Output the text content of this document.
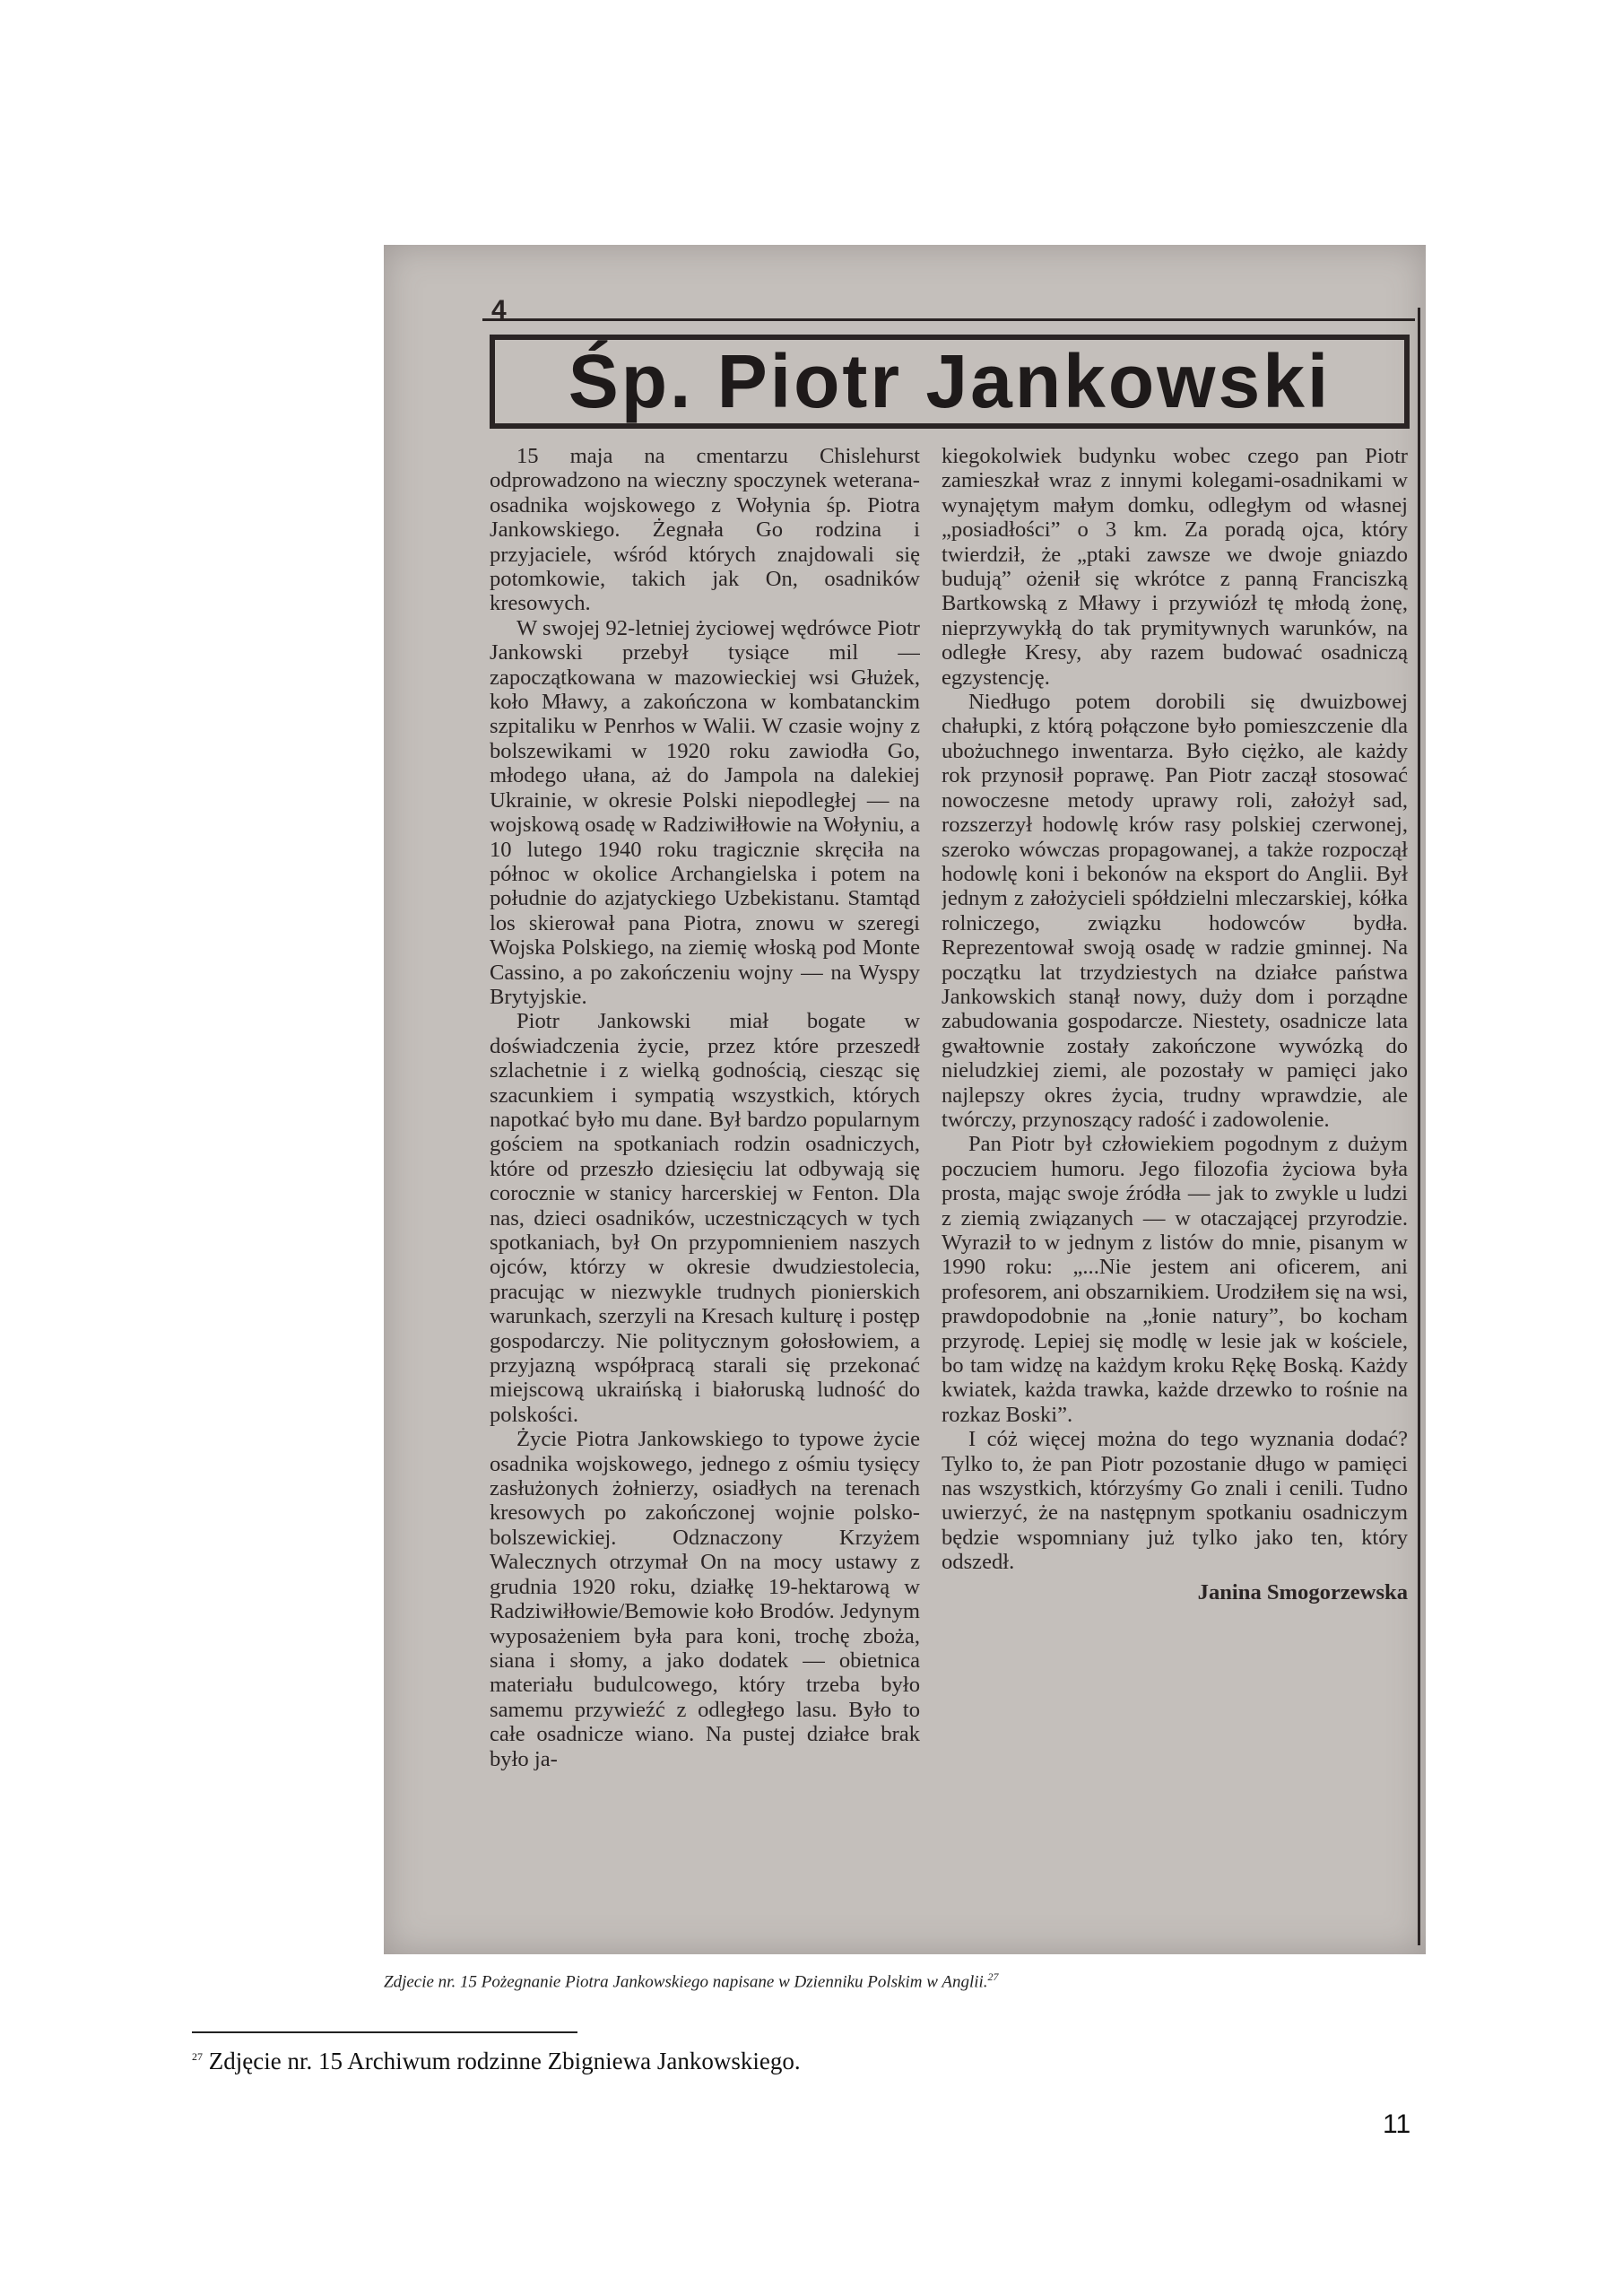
4
Śp. Piotr Jankowski

15 maja na cmentarzu Chislehurst odprowadzono na wieczny spoczynek weterana-osadnika wojskowego z Wołynia śp. Piotra Jankowskiego. Żegnała Go rodzina i przyjaciele, wśród których znajdowali się potomkowie, takich jak On, osadników kresowych.

W swojej 92-letniej życiowej wędrówce Piotr Jankowski przebył tysiące mil — zapoczątkowana w mazowieckiej wsi Głużek, koło Mławy, a zakończona w kombatanckim szpitaliku w Penrhos w Walii. W czasie wojny z bolszewikami w 1920 roku zawiodła Go, młodego ułana, aż do Jampola na dalekiej Ukrainie, w okresie Polski niepodległej — na wojskową osadę w Radziwiłłowie na Wołyniu, a 10 lutego 1940 roku tragicznie skręciła na północ w okolice Archangielska i potem na południe do azjatyckiego Uzbekistanu. Stamtąd los skierował pana Piotra, znowu w szeregi Wojska Polskiego, na ziemię włoską pod Monte Cassino, a po zakończeniu wojny — na Wyspy Brytyjskie.

Piotr Jankowski miał bogate w doświadczenia życie, przez które przeszedł szlachetnie i z wielką godnością, ciesząc się szacunkiem i sympatią wszystkich, których napotkać było mu dane. Był bardzo popularnym gościem na spotkaniach rodzin osadniczych, które od przeszło dziesięciu lat odbywają się corocznie w stanicy harcerskiej w Fenton. Dla nas, dzieci osadników, uczestniczących w tych spotkaniach, był On przypomnieniem naszych ojców, którzy w okresie dwudziestolecia, pracując w niezwykle trudnych pionierskich warunkach, szerzyli na Kresach kulturę i postęp gospodarczy. Nie politycznym gołosłowiem, a przyjazną współpracą starali się przekonać miejscową ukraińską i białoruską ludność do polskości.

Życie Piotra Jankowskiego to typowe życie osadnika wojskowego, jednego z ośmiu tysięcy zasłużonych żołnierzy, osiadłych na terenach kresowych po zakończonej wojnie polsko-bolszewickiej. Odznaczony Krzyżem Walecznych otrzymał On na mocy ustawy z grudnia 1920 roku, działkę 19-hektarową w Radziwiłłowie/Bemowie koło Brodów. Jedynym wyposażeniem była para koni, trochę zboża, siana i słomy, a jako dodatek — obietnica materiału budulcowego, który trzeba było samemu przywieźć z odległego lasu. Było to całe osadnicze wiano. Na pustej działce brak było ja-

kiegokolwiek budynku wobec czego pan Piotr zamieszkał wraz z innymi kolegami-osadnikami w wynajętym małym domku, odległym od własnej „posiadłości” o 3 km. Za poradą ojca, który twierdził, że „ptaki zawsze we dwoje gniazdo budują” ożenił się wkrótce z panną Franciszką Bartkowską z Mławy i przywiózł tę młodą żonę, nieprzywykłą do tak prymitywnych warunków, na odległe Kresy, aby razem budować osadniczą egzystencję.

Niedługo potem dorobili się dwuizbowej chałupki, z którą połączone było pomieszczenie dla ubożuchnego inwentarza. Było ciężko, ale każdy rok przynosił poprawę. Pan Piotr zaczął stosować nowoczesne metody uprawy roli, założył sad, rozszerzył hodowlę krów rasy polskiej czerwonej, szeroko wówczas propagowanej, a także rozpoczął hodowlę koni i bekonów na eksport do Anglii. Był jednym z założycieli spółdzielni mleczarskiej, kółka rolniczego, związku hodowców bydła. Reprezentował swoją osadę w radzie gminnej. Na początku lat trzydziestych na działce państwa Jankowskich stanął nowy, duży dom i porządne zabudowania gospodarcze. Niestety, osadnicze lata gwałtownie zostały zakończone wywózką do nieludzkiej ziemi, ale pozostały w pamięci jako najlepszy okres życia, trudny wprawdzie, ale twórczy, przynoszący radość i zadowolenie.

Pan Piotr był człowiekiem pogodnym z dużym poczuciem humoru. Jego filozofia życiowa była prosta, mając swoje źródła — jak to zwykle u ludzi z ziemią związanych — w otaczającej przyrodzie. Wyraził to w jednym z listów do mnie, pisanym w 1990 roku: „...Nie jestem ani oficerem, ani profesorem, ani obszarnikiem. Urodziłem się na wsi, prawdopodobnie na „łonie natury”, bo kocham przyrodę. Lepiej się modlę w lesie jak w kościele, bo tam widzę na każdym kroku Rękę Boską. Każdy kwiatek, każda trawka, każde drzewko to rośnie na rozkaz Boski”.

I cóż więcej można do tego wyznania dodać? Tylko to, że pan Piotr pozostanie długo w pamięci nas wszystkich, którzyśmy Go znali i cenili. Tudno uwierzyć, że na następnym spotkaniu osadniczym będzie wspomniany już tylko jako ten, który odszedł.

Janina Smogorzewska

Zdjecie nr. 15 Pożegnanie Piotra Jankowskiego napisane w Dzienniku Polskim w Anglii.$^{27}$
$^{27}$ Zdjęcie nr. 15 Archiwum rodzinne Zbigniewa Jankowskiego.
11
